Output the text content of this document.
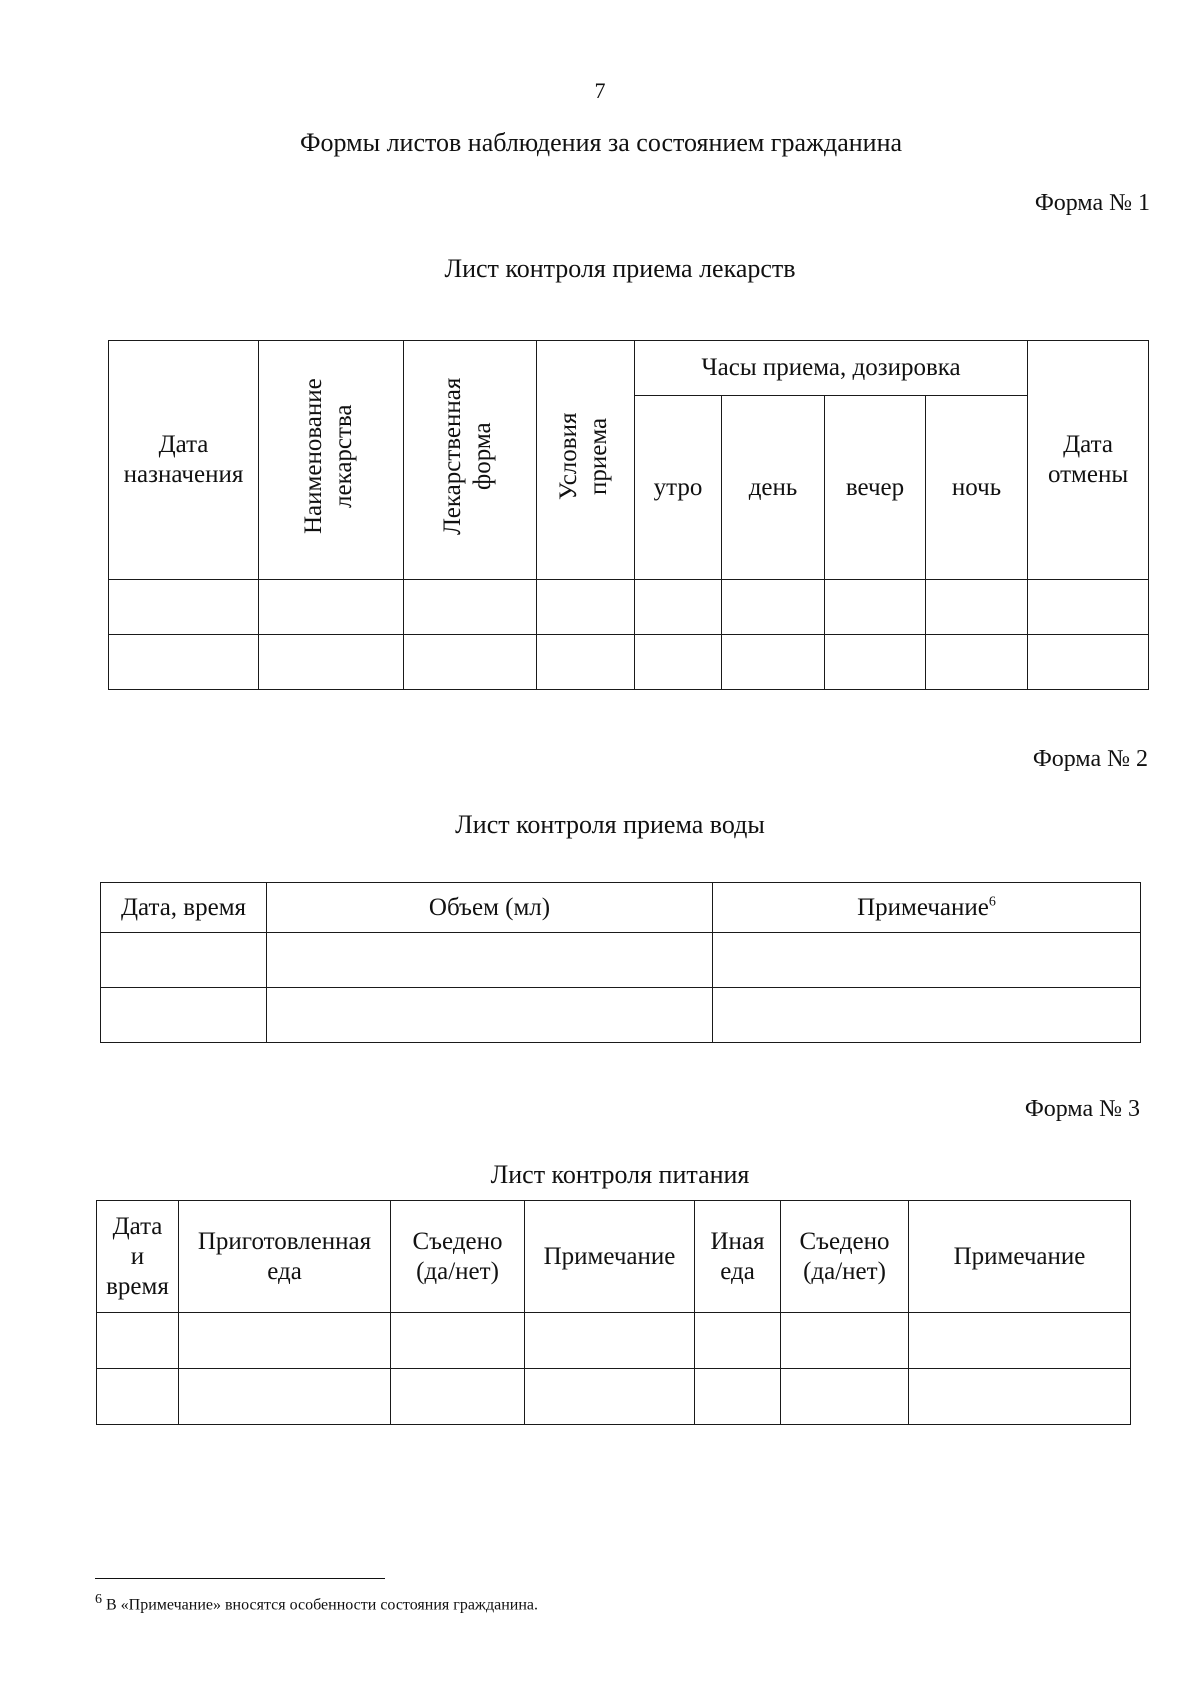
7
Формы листов наблюдения за состоянием гражданина
Форма № 1
Лист контроля приема лекарств
Дата назначения	Наименование лекарства	Лекарственная форма	Условия приема	Часы приема, дозировка				Дата отмены
				утро	день	вечер	ночь	

Форма № 2
Лист контроля приема воды
Дата, время	Объем (мл)	Примечание$^6$

Форма № 3
Лист контроля питания
Дата и время	Приготовленная еда	Съедено (да/нет)	Примечание	Иная еда	Съедено (да/нет)	Примечание

$^6$ В «Примечание» вносятся особенности состояния гражданина.
